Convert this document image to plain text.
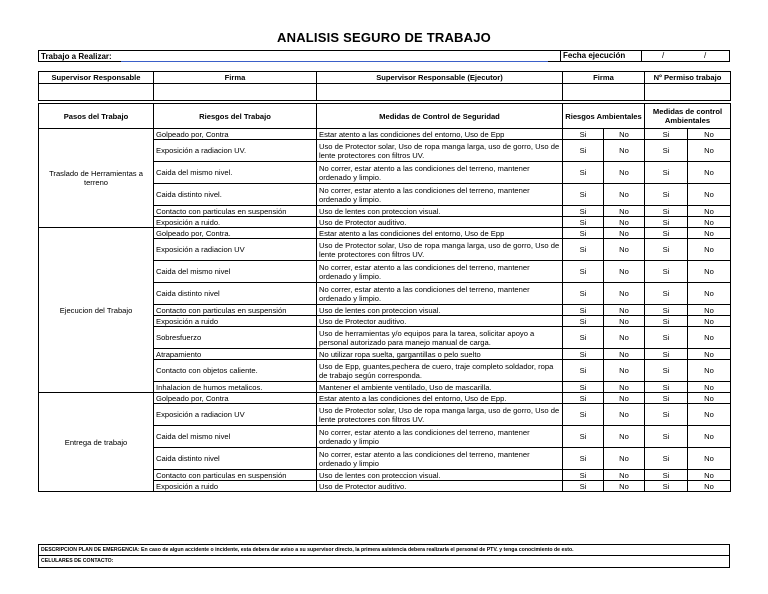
ANALISIS SEGURO DE TRABAJO
Trabajo a Realizar:	Fecha ejecución	/	/
Supervisor Responsable	Firma	Supervisor Responsable (Ejecutor)	Firma	Nº Permiso trabajo

Pasos del Trabajo	Riesgos del Trabajo	Medidas de Control de Seguridad	Riesgos Ambientales		Medidas de control Ambientales	
Traslado de Herramientas a terreno	Golpeado por, Contra	Estar atento a las condiciones del entorno, Uso de Epp	Si	No	Si	No
	Exposición a radiacion UV.	Uso de Protector solar, Uso de ropa manga larga, uso de gorro, Uso de lente protectores con filtros UV.	Si	No	Si	No
	Caida del mismo nivel.	No correr, estar atento a las condiciones del terreno, mantener ordenado y limpio.	Si	No	Si	No
	Caida distinto nivel.	No correr, estar atento a las condiciones del terreno, mantener ordenado y limpio.	Si	No	Si	No
	Contacto con particulas en suspensión	Uso de lentes con proteccion visual.	Si	No	Si	No
	Exposición a ruido.	Uso de Protector auditivo.	Si	No	Si	No
Ejecucion del Trabajo	Golpeado por, Contra.	Estar atento a las condiciones del entorno, Uso de Epp	Si	No	Si	No
	Exposición a radiacion UV	Uso de Protector solar, Uso de ropa manga larga, uso de gorro, Uso de lente protectores con filtros UV.	Si	No	Si	No
	Caida del mismo nivel	No correr, estar atento a las condiciones del terreno, mantener ordenado y limpio.	Si	No	Si	No
	Caida distinto nivel	No correr, estar atento a las condiciones del terreno, mantener ordenado y limpio.	Si	No	Si	No
	Contacto con particulas en suspensión	Uso de lentes con proteccion visual.	Si	No	Si	No
	Exposición a ruido	Uso de Protector auditivo.	Si	No	Si	No
	Sobresfuerzo	Uso de herramientas y/o equipos para la tarea, solicitar apoyo a personal autorizado para manejo manual de carga.	Si	No	Si	No
	Atrapamiento	No utilizar ropa suelta, gargantillas o pelo suelto	Si	No	Si	No
	Contacto con objetos caliente.	Uso de Epp, guantes,pechera de cuero, traje completo soldador, ropa de trabajo según corresponda.	Si	No	Si	No
	Inhalacion de humos metalicos.	Mantener el ambiente ventilado, Uso de mascarilla.	Si	No	Si	No
Entrega de trabajo	Golpeado por, Contra	Estar atento a las condiciones del entorno, Uso de Epp.	Si	No	Si	No
	Exposición a radiacion UV	Uso de Protector solar, Uso de ropa manga larga, uso de gorro, Uso de lente protectores con filtros UV.	Si	No	Si	No
	Caida del mismo nivel	No correr, estar atento a las condiciones del terreno, mantener ordenado y limpio	Si	No	Si	No
	Caida distinto nivel	No correr, estar atento a las condiciones del terreno, mantener ordenado y limpio	Si	No	Si	No
	Contacto con particulas en suspensión	Uso de lentes con proteccion visual.	Si	No	Si	No
	Exposición a ruido	Uso de Protector auditivo.	Si	No	Si	No
DESCRIPCION PLAN DE EMERGENCIA: En caso de algun accidente o incidente, esta debera dar aviso a su supervisor directo, la primera asistencia debera realizarla el personal de PTV. y tenga conocimiento de esto.
CELULARES DE CONTACTO:
